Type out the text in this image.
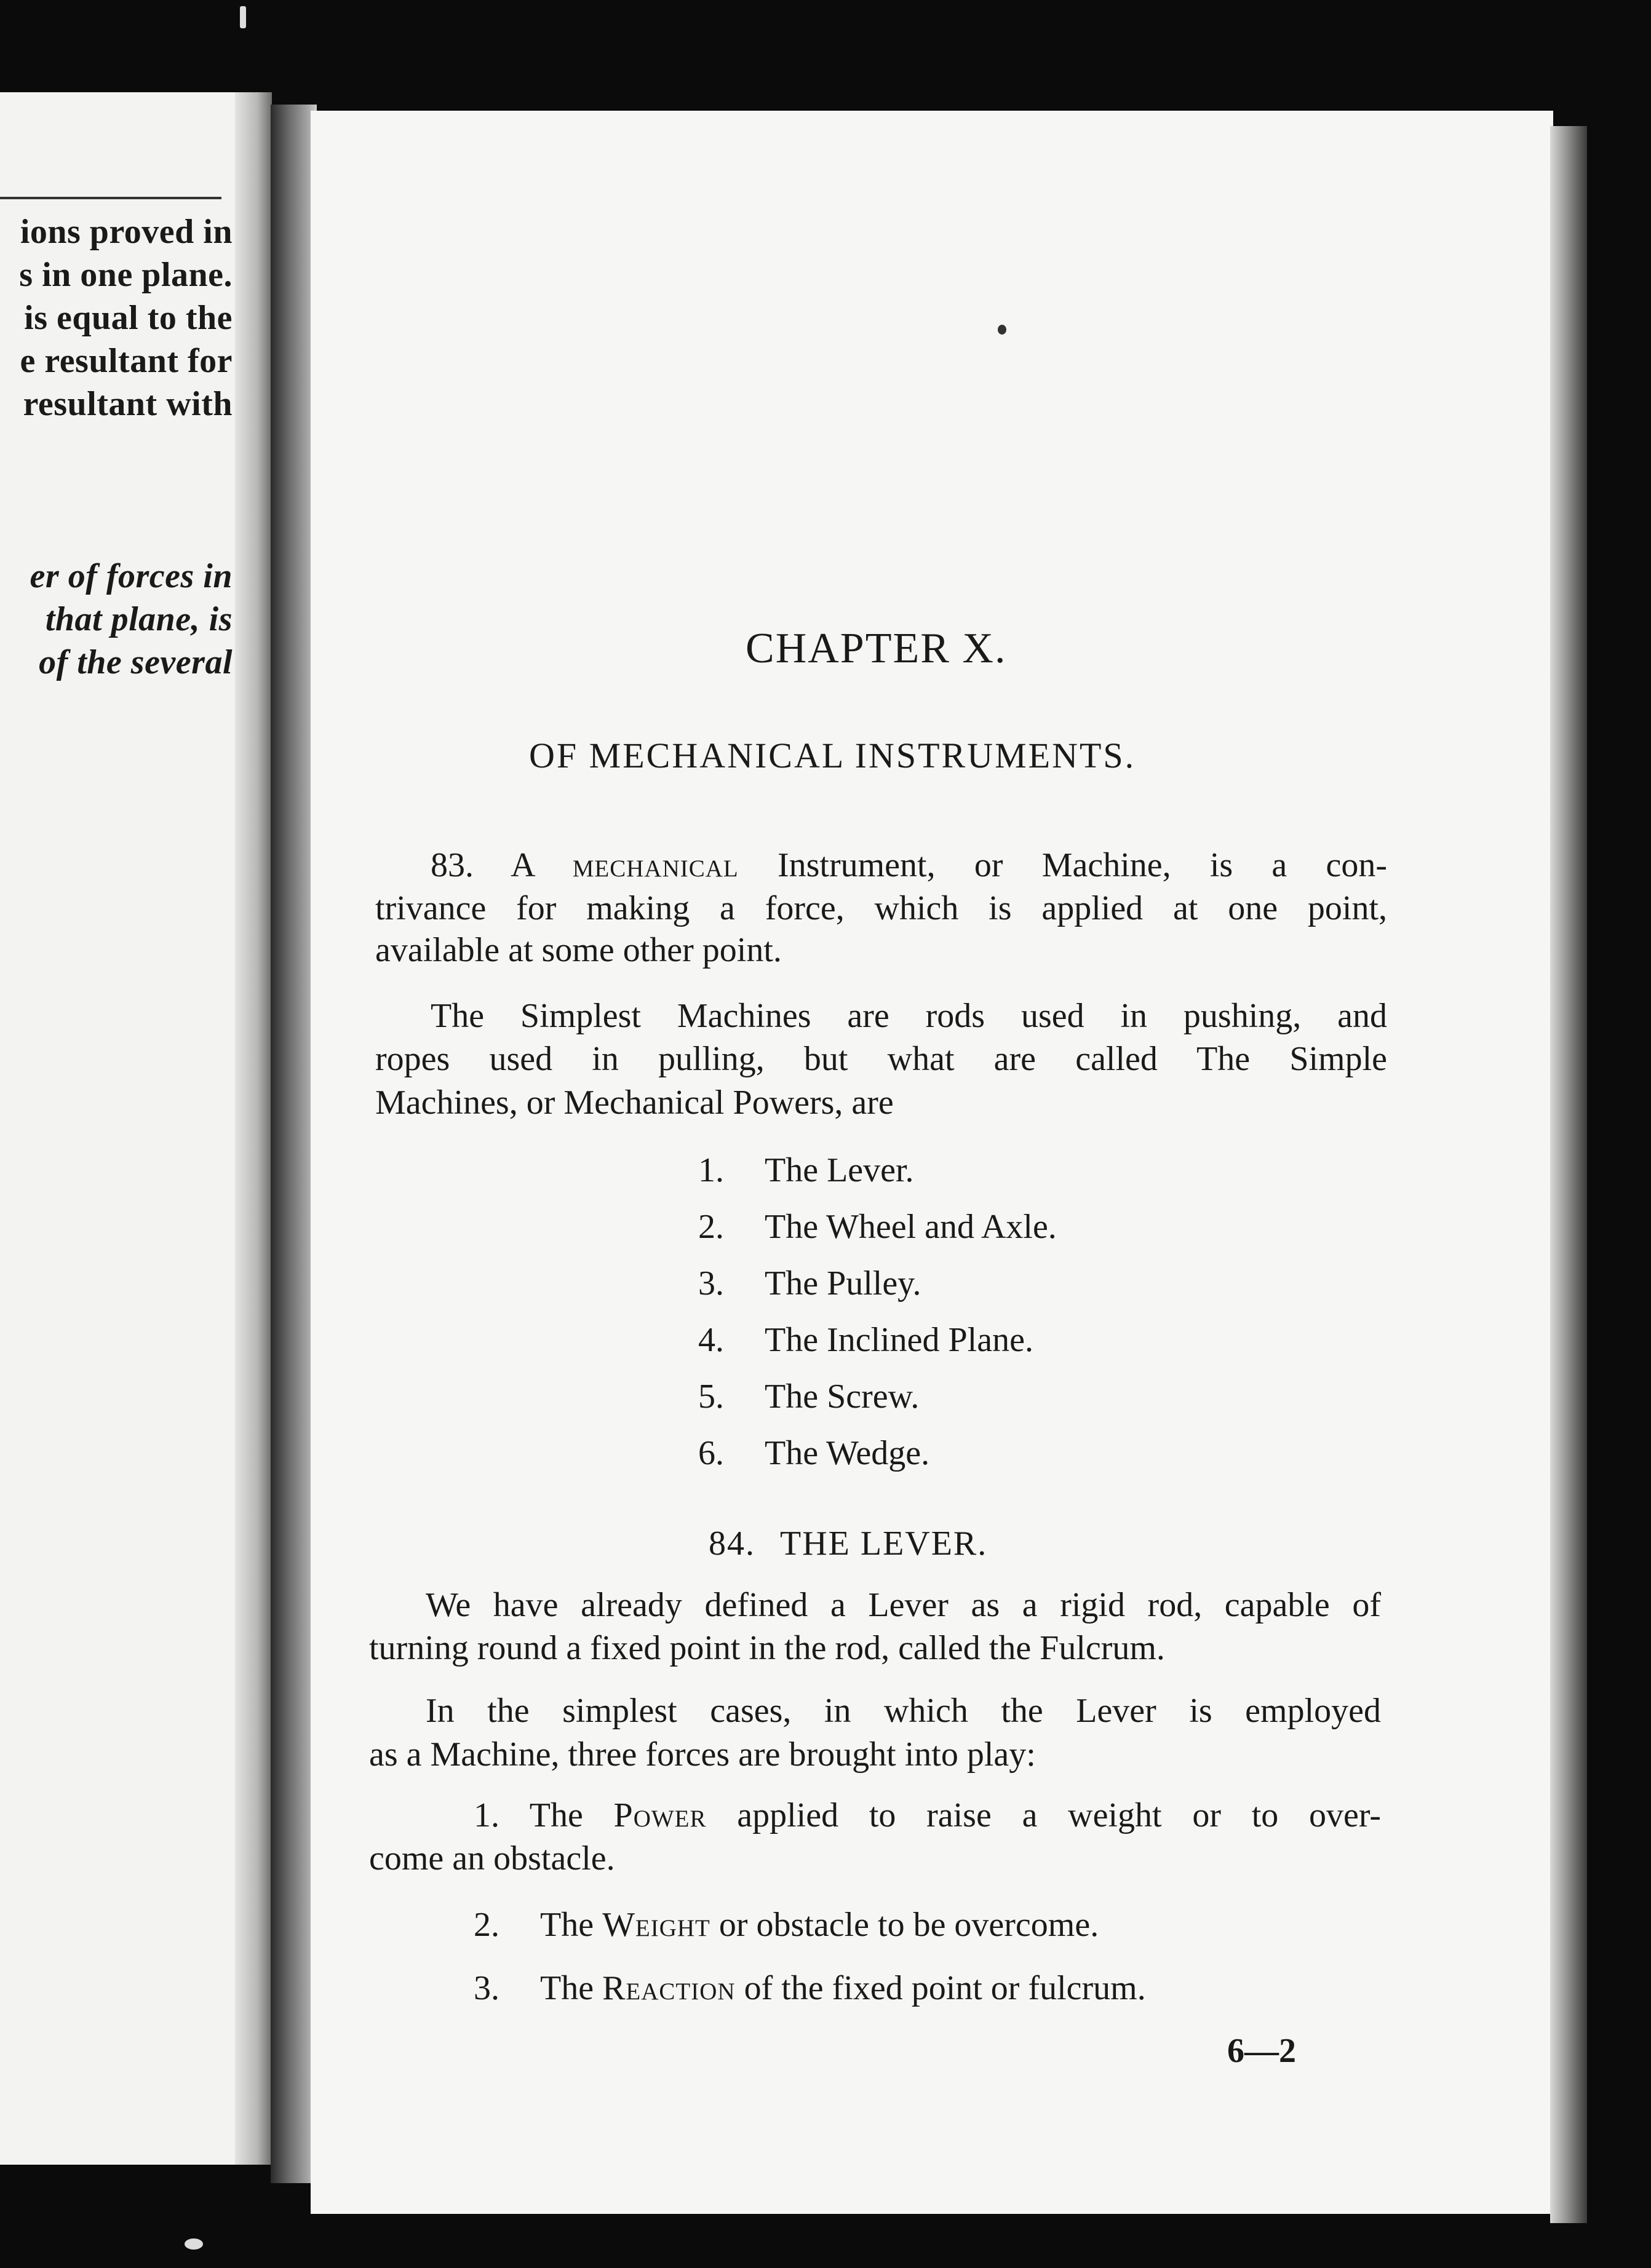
ions proved in
s in one plane.
is equal to the
e resultant for
resultant with
er of forces in
that plane, is
of the several	CHAPTER X.
OF MECHANICAL INSTRUMENTS.
83. A mechanical Instrument, or Machine, is a con-
trivance for making a force, which is applied at one point,
available at some other point.
The Simplest Machines are rods used in pushing, and
ropes used in pulling, but what are called The Simple
Machines, or Mechanical Powers, are
1. The Lever.
2. The Wheel and Axle.
3. The Pulley.
4. The Inclined Plane.
5. The Screw.
6. The Wedge.
84. THE LEVER.
We have already defined a Lever as a rigid rod, capable of
turning round a fixed point in the rod, called the Fulcrum.
In the simplest cases, in which the Lever is employed
as a Machine, three forces are brought into play:
1. The Power applied to raise a weight or to over-
come an obstacle.
2. The Weight or obstacle to be overcome.
3. The Reaction of the fixed point or fulcrum.
6—2
